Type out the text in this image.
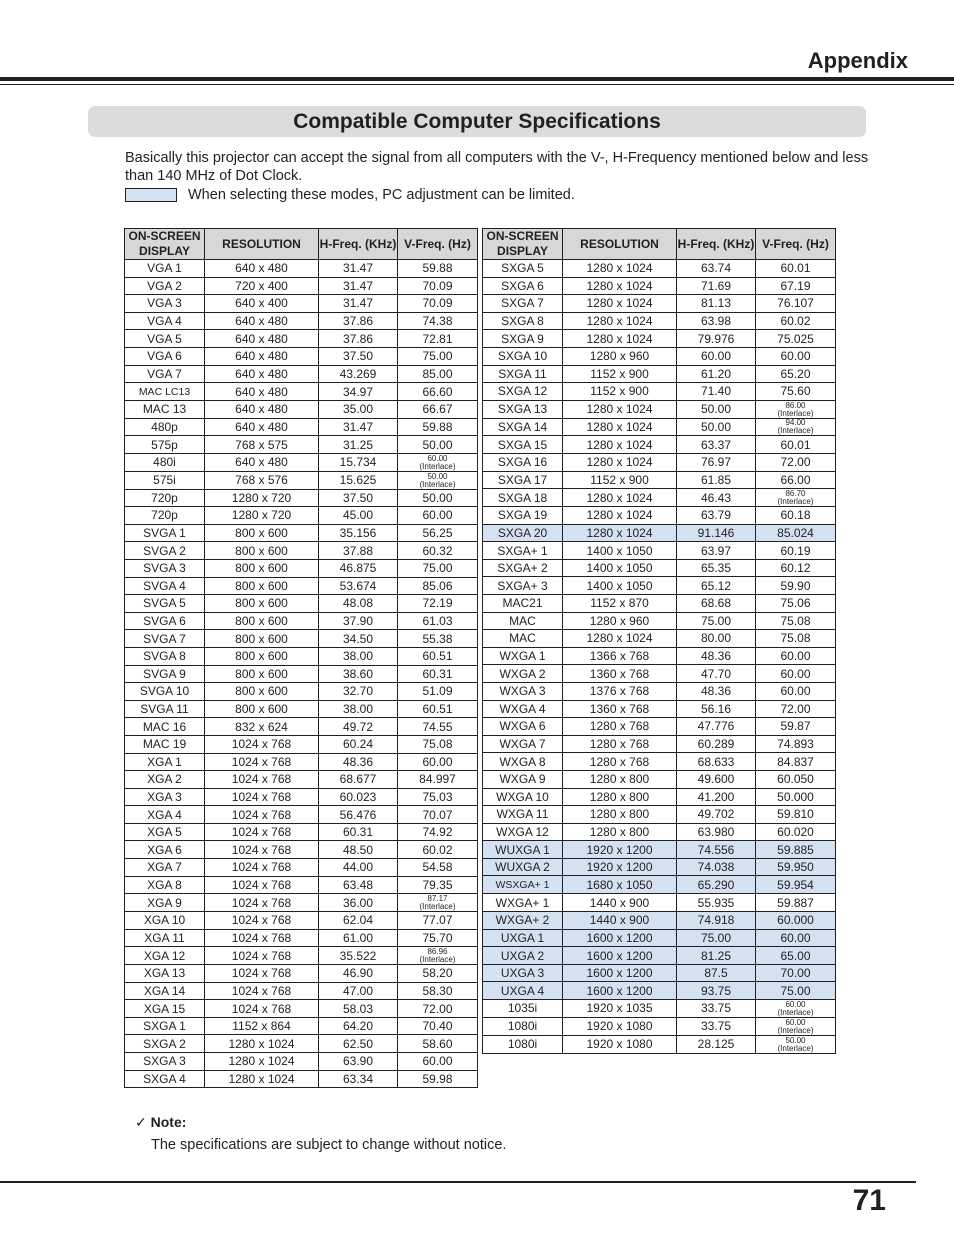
Appendix
Compatible Computer Specifications
Basically this projector can accept the signal from all computers with the V-, H-Frequency mentioned below and less than 140 MHz of Dot Clock.
When selecting these modes, PC adjustment can be limited.
ON-SCREEN DISPLAY	RESOLUTION	H-Freq. (KHz)	V-Freq. (Hz)
VGA 1	640 x 480	31.47	59.88
VGA 2	720 x 400	31.47	70.09
VGA 3	640 x 400	31.47	70.09
VGA 4	640 x 480	37.86	74.38
VGA 5	640 x 480	37.86	72.81
VGA 6	640 x 480	37.50	75.00
VGA 7	640 x 480	43.269	85.00
MAC LC13	640 x 480	34.97	66.60
MAC 13	640 x 480	35.00	66.67
480p	640 x 480	31.47	59.88
575p	768 x 575	31.25	50.00
480i	640 x 480	15.734	60.00
(Interlace)
575i	768 x 576	15.625	50.00
(Interlace)
720p	1280 x 720	37.50	50.00
720p	1280 x 720	45.00	60.00
SVGA 1	800 x 600	35.156	56.25
SVGA 2	800 x 600	37.88	60.32
SVGA 3	800 x 600	46.875	75.00
SVGA 4	800 x 600	53.674	85.06
SVGA 5	800 x 600	48.08	72.19
SVGA 6	800 x 600	37.90	61.03
SVGA 7	800 x 600	34.50	55.38
SVGA 8	800 x 600	38.00	60.51
SVGA 9	800 x 600	38.60	60.31
SVGA 10	800 x 600	32.70	51.09
SVGA 11	800 x 600	38.00	60.51
MAC 16	832 x 624	49.72	74.55
MAC 19	1024 x 768	60.24	75.08
XGA 1	1024 x 768	48.36	60.00
XGA 2	1024 x 768	68.677	84.997
XGA 3	1024 x 768	60.023	75.03
XGA 4	1024 x 768	56.476	70.07
XGA 5	1024 x 768	60.31	74.92
XGA 6	1024 x 768	48.50	60.02
XGA 7	1024 x 768	44.00	54.58
XGA 8	1024 x 768	63.48	79.35
XGA 9	1024 x 768	36.00	87.17
(Interlace)
XGA 10	1024 x 768	62.04	77.07
XGA 11	1024 x 768	61.00	75.70
XGA 12	1024 x 768	35.522	86.96
(Interlace)
XGA 13	1024 x 768	46.90	58.20
XGA 14	1024 x 768	47.00	58.30
XGA 15	1024 x 768	58.03	72.00
SXGA 1	1152 x 864	64.20	70.40
SXGA 2	1280 x 1024	62.50	58.60
SXGA 3	1280 x 1024	63.90	60.00
SXGA 4	1280 x 1024	63.34	59.98
ON-SCREEN DISPLAY	RESOLUTION	H-Freq. (KHz)	V-Freq. (Hz)
SXGA 5	1280 x 1024	63.74	60.01
SXGA 6	1280 x 1024	71.69	67.19
SXGA 7	1280 x 1024	81.13	76.107
SXGA 8	1280 x 1024	63.98	60.02
SXGA 9	1280 x 1024	79.976	75.025
SXGA 10	1280 x 960	60.00	60.00
SXGA 11	1152 x 900	61.20	65.20
SXGA 12	1152 x 900	71.40	75.60
SXGA 13	1280 x 1024	50.00	86.00
(Interlace)
SXGA 14	1280 x 1024	50.00	94.00
(Interlace)
SXGA 15	1280 x 1024	63.37	60.01
SXGA 16	1280 x 1024	76.97	72.00
SXGA 17	1152 x 900	61.85	66.00
SXGA 18	1280 x 1024	46.43	86.70
(Interlace)
SXGA 19	1280 x 1024	63.79	60.18
SXGA 20	1280 x 1024	91.146	85.024
SXGA+ 1	1400 x 1050	63.97	60.19
SXGA+ 2	1400 x 1050	65.35	60.12
SXGA+ 3	1400 x 1050	65.12	59.90
MAC21	1152 x 870	68.68	75.06
MAC	1280 x 960	75.00	75.08
MAC	1280 x 1024	80.00	75.08
WXGA 1	1366 x 768	48.36	60.00
WXGA 2	1360 x 768	47.70	60.00
WXGA 3	1376 x 768	48.36	60.00
WXGA 4	1360 x 768	56.16	72.00
WXGA 6	1280 x 768	47.776	59.87
WXGA 7	1280 x 768	60.289	74.893
WXGA 8	1280 x 768	68.633	84.837
WXGA 9	1280 x 800	49.600	60.050
WXGA 10	1280 x 800	41.200	50.000
WXGA 11	1280 x 800	49.702	59.810
WXGA 12	1280 x 800	63.980	60.020
WUXGA 1	1920 x 1200	74.556	59.885
WUXGA 2	1920 x 1200	74.038	59.950
WSXGA+ 1	1680 x 1050	65.290	59.954
WXGA+ 1	1440 x 900	55.935	59.887
WXGA+ 2	1440 x 900	74.918	60.000
UXGA 1	1600 x 1200	75.00	60.00
UXGA 2	1600 x 1200	81.25	65.00
UXGA 3	1600 x 1200	87.5	70.00
UXGA 4	1600 x 1200	93.75	75.00
1035i	1920 x 1035	33.75	60.00
(Interlace)
1080i	1920 x 1080	33.75	60.00
(Interlace)
1080i	1920 x 1080	28.125	50.00
(Interlace)
✓ Note:
The specifications are subject to change without notice.
71
